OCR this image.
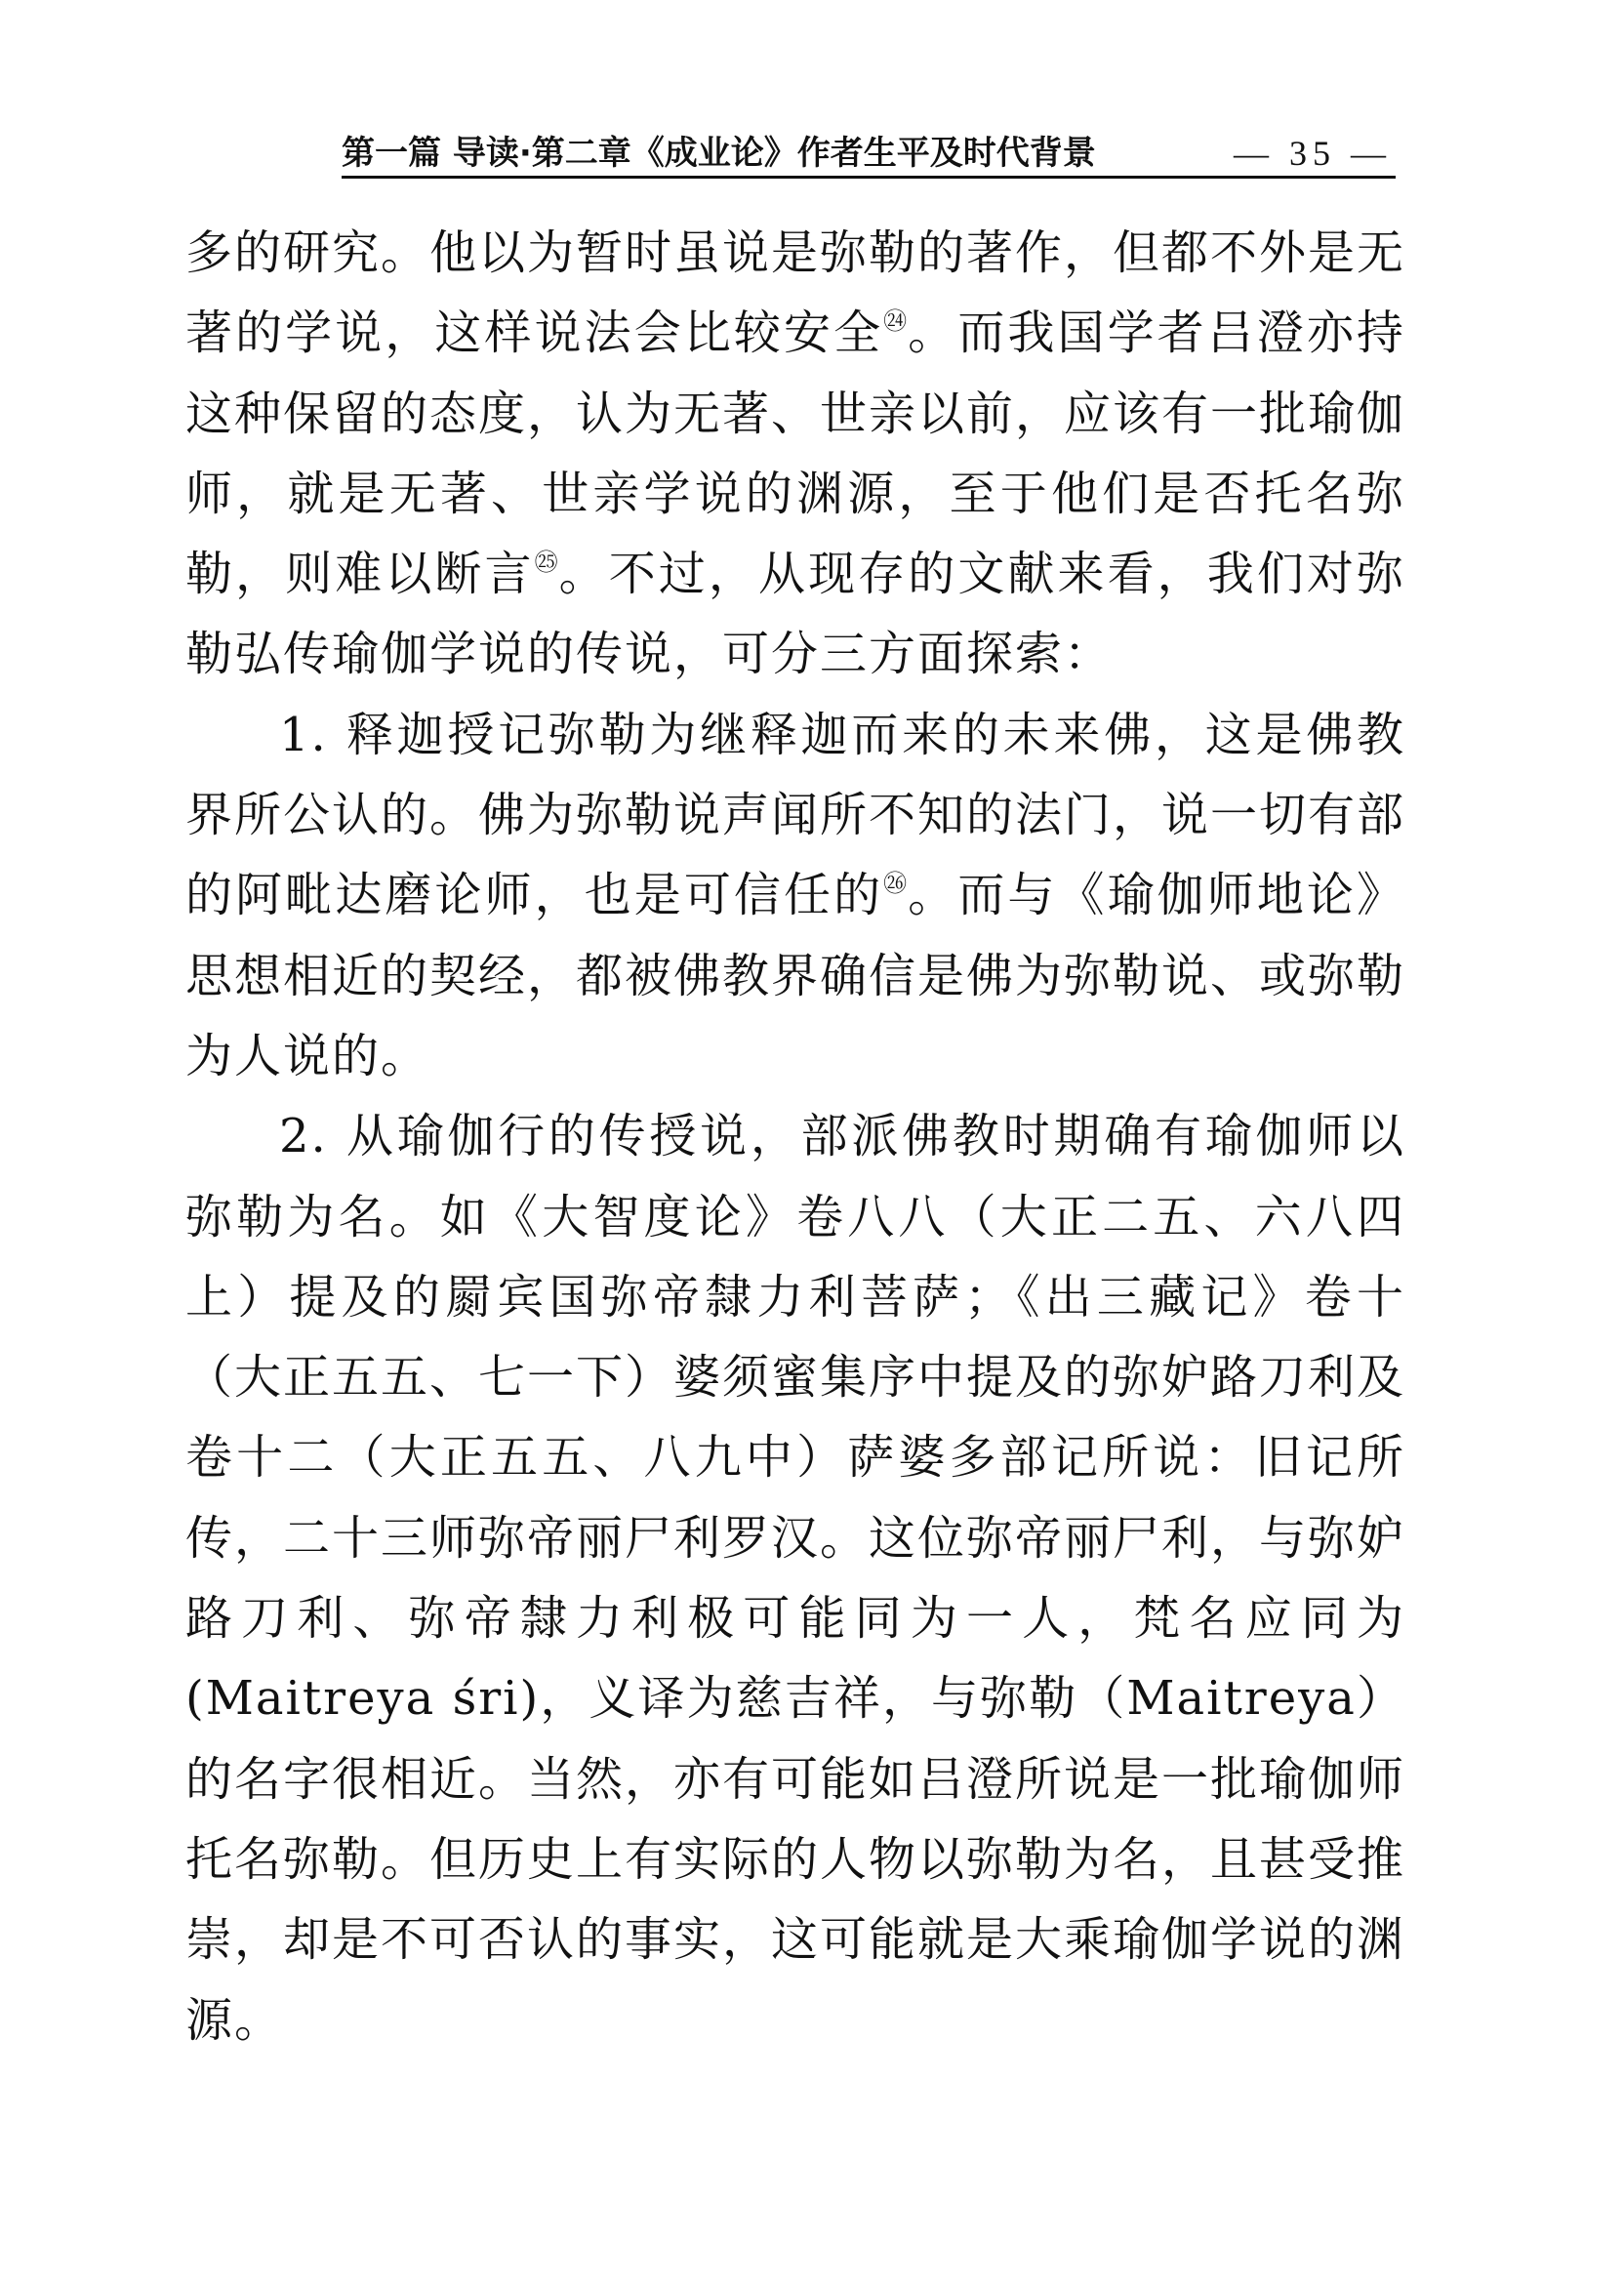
第一篇 导读·第二章《成业论》作者生平及时代背景	— 35 —

多的研究。他以为暂时虽说是弥勒的著作，但都不外是无著的学说，这样说法会比较安全$^㉔$。而我国学者吕澄亦持这种保留的态度，认为无著、世亲以前，应该有一批瑜伽师，就是无著、世亲学说的渊源，至于他们是否托名弥勒，则难以断言$^㉕$。不过，从现存的文献来看，我们对弥勒弘传瑜伽学说的传说，可分三方面探索：

1. 释迦授记弥勒为继释迦而来的未来佛，这是佛教界所公认的。佛为弥勒说声闻所不知的法门，说一切有部的阿毗达磨论师，也是可信任的$^㉖$。而与《瑜伽师地论》思想相近的契经，都被佛教界确信是佛为弥勒说、或弥勒为人说的。

2. 从瑜伽行的传授说，部派佛教时期确有瑜伽师以弥勒为名。如《大智度论》卷八八（大正二五、六八四上）提及的罽宾国弥帝隸力利菩萨；《出三藏记》卷十（大正五五、七一下）婆须蜜集序中提及的弥妒路刀利及卷十二（大正五五、八九中）萨婆多部记所说：旧记所传，二十三师弥帝丽尸利罗汉。这位弥帝丽尸利，与弥妒路刀利、弥帝隸力利极可能同为一人，梵名应同为(Maitreya śri)，义译为慈吉祥，与弥勒（Maitreya）的名字很相近。当然，亦有可能如吕澄所说是一批瑜伽师托名弥勒。但历史上有实际的人物以弥勒为名，且甚受推崇，却是不可否认的事实，这可能就是大乘瑜伽学说的渊源。
